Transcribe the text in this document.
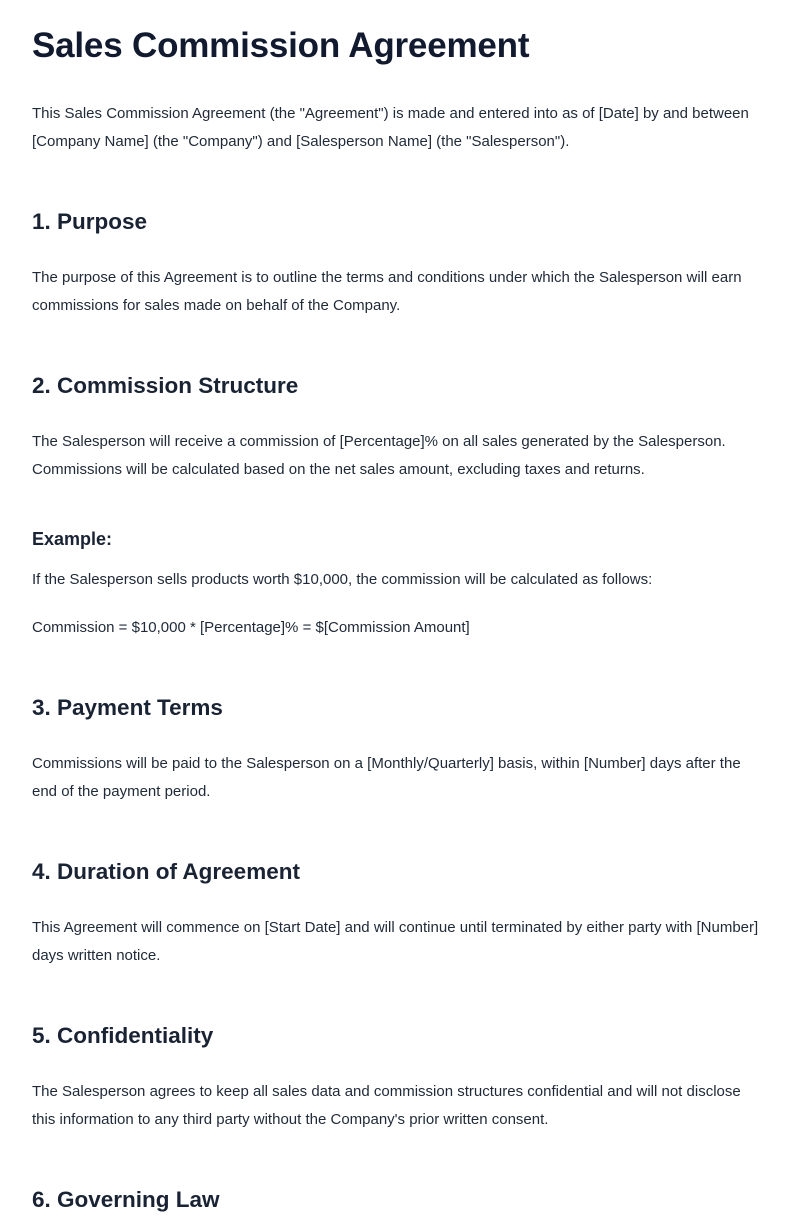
Sales Commission Agreement

This Sales Commission Agreement (the "Agreement") is made and entered into as of [Date] by and between [Company Name] (the "Company") and [Salesperson Name] (the "Salesperson").

1. Purpose

The purpose of this Agreement is to outline the terms and conditions under which the Salesperson will earn commissions for sales made on behalf of the Company.

2. Commission Structure

The Salesperson will receive a commission of [Percentage]% on all sales generated by the Salesperson. Commissions will be calculated based on the net sales amount, excluding taxes and returns.

Example:

If the Salesperson sells products worth $10,000, the commission will be calculated as follows:

Commission = $10,000 * [Percentage]% = $[Commission Amount]

3. Payment Terms

Commissions will be paid to the Salesperson on a [Monthly/Quarterly] basis, within [Number] days after the end of the payment period.

4. Duration of Agreement

This Agreement will commence on [Start Date] and will continue until terminated by either party with [Number] days written notice.

5. Confidentiality

The Salesperson agrees to keep all sales data and commission structures confidential and will not disclose this information to any third party without the Company's prior written consent.

6. Governing Law
